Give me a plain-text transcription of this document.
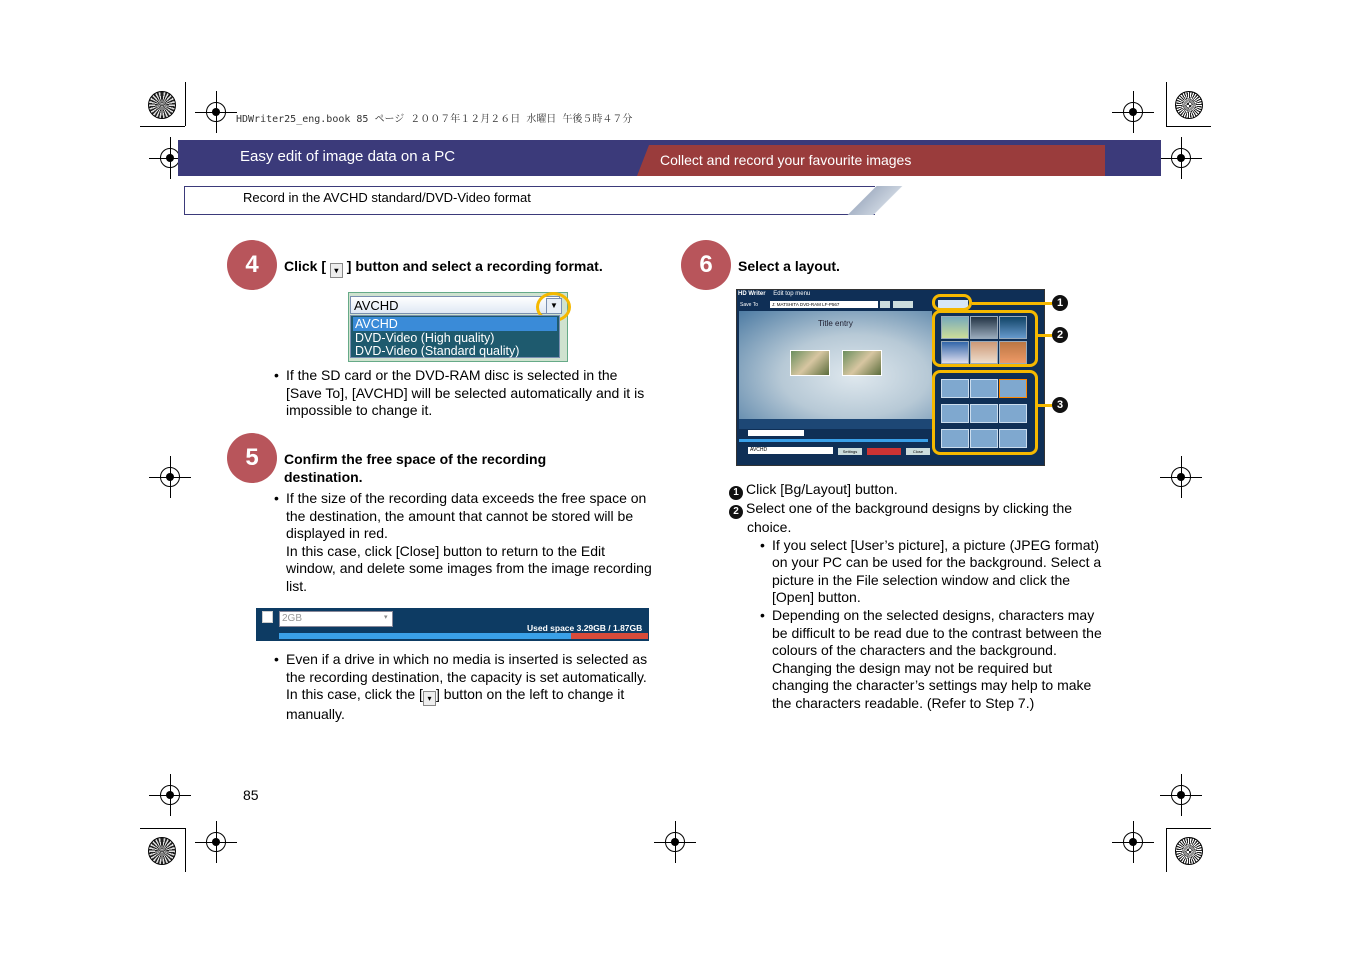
HDWriter25_eng.book 85 ページ ２００７年１２月２６日 水曜日 午後５時４７分
Easy edit of image data on a PC	Collect and record your favourite images
Record in the AVCHD standard/DVD-Video format
4	Click [ ▾ ] button and select a recording format.
AVCHD	▼
AVCHD
DVD-Video (High quality)
DVD-Video (Standard quality)
• If the SD card or the DVD-RAM disc is selected in the [Save To], [AVCHD] will be selected automatically and it is impossible to change it.
5	Confirm the free space of the recording destination.
• If the size of the recording data exceeds the free space on the destination, the amount that cannot be stored will be displayed in red.
In this case, click [Close] button to return to the Edit window, and delete some images from the image recording list.
2GB	▾
Used space 3.29GB / 1.87GB
• Even if a drive in which no media is inserted is selected as the recording destination, the capacity is set automatically.
In this case, click the [ ▾ ] button on the left to change it manually.
6	Select a layout.
HD Writer Edit top menu
Save To	J: MATSHITA DVD-RAM LF-P567
Title entry
AVCHD	Settings	Close
1
2
3
1 Click [Bg/Layout] button.
2 Select one of the background designs by clicking the choice.
• If you select [User’s picture], a picture (JPEG format) on your PC can be used for the background. Select a picture in the File selection window and click the [Open] button.
• Depending on the selected designs, characters may be difficult to be read due to the contrast between the colours of the characters and the background. Changing the design may not be required but changing the character’s settings may help to make the characters readable. (Refer to Step 7.)
85
